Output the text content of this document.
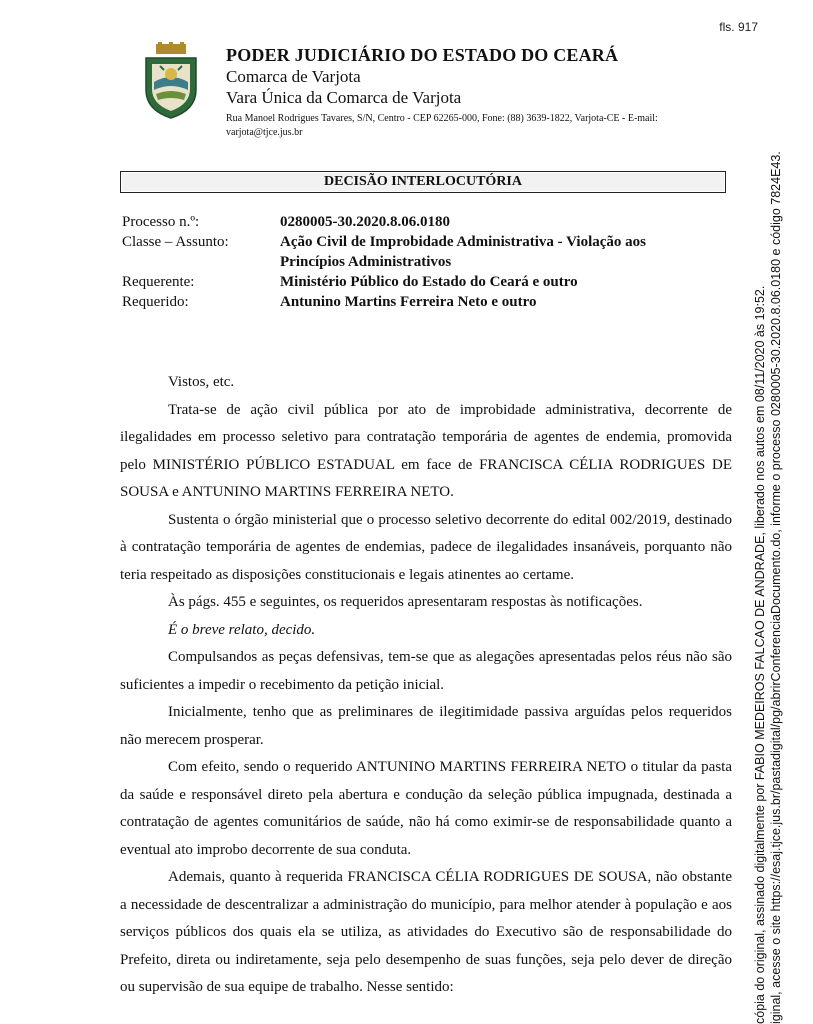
fls. 917
PODER JUDICIÁRIO DO ESTADO DO CEARÁ
Comarca de Varjota
Vara Única da Comarca de Varjota
Rua Manoel Rodrigues Tavares, S/N, Centro - CEP 62265-000, Fone: (88) 3639-1822, Varjota-CE - E-mail: varjota@tjce.jus.br
DECISÃO INTERLOCUTÓRIA
Processo n.º:	0280005-30.2020.8.06.0180
Classe – Assunto:	Ação Civil de Improbidade Administrativa - Violação aos Princípios Administrativos
Requerente:	Ministério Público do Estado do Ceará e outro
Requerido:	Antunino Martins Ferreira Neto e outro

Vistos, etc.

Trata-se de ação civil pública por ato de improbidade administrativa, decorrente de ilegalidades em processo seletivo para contratação temporária de agentes de endemia, promovida pelo MINISTÉRIO PÚBLICO ESTADUAL em face de FRANCISCA CÉLIA RODRIGUES DE SOUSA e ANTUNINO MARTINS FERREIRA NETO.

Sustenta o órgão ministerial que o processo seletivo decorrente do edital 002/2019, destinado à contratação temporária de agentes de endemias, padece de ilegalidades insanáveis, porquanto não teria respeitado as disposições constitucionais e legais atinentes ao certame.

Às págs. 455 e seguintes, os requeridos apresentaram respostas às notificações.

É o breve relato, decido.

Compulsandos as peças defensivas, tem-se que as alegações apresentadas pelos réus não são suficientes a impedir o recebimento da petição inicial.

Inicialmente, tenho que as preliminares de ilegitimidade passiva arguídas pelos requeridos não merecem prosperar.

Com efeito, sendo o requerido ANTUNINO MARTINS FERREIRA NETO o titular da pasta da saúde e responsável direto pela abertura e condução da seleção pública impugnada, destinada a contratação de agentes comunitários de saúde, não há como eximir-se de responsabilidade quanto a eventual ato improbo decorrente de sua conduta.

Ademais, quanto à requerida FRANCISCA CÉLIA RODRIGUES DE SOUSA, não obstante a necessidade de descentralizar a administração do município, para melhor atender à população e aos serviços públicos dos quais ela se utiliza, as atividades do Executivo são de responsabilidade do Prefeito, direta ou indiretamente, seja pelo desempenho de suas funções, seja pelo dever de direção ou supervisão de sua equipe de trabalho. Nesse sentido:	cópia do original, assinado digitalmente por FABIO MEDEIROS FALCAO DE ANDRADE, liberado nos autos em 08/11/2020 às 19:52. iginal, acesse o site https://esaj.tjce.jus.br/pastadigital/pg/abrirConferenciaDocumento.do, informe o processo 0280005-30.2020.8.06.0180 e código 7824E43.
